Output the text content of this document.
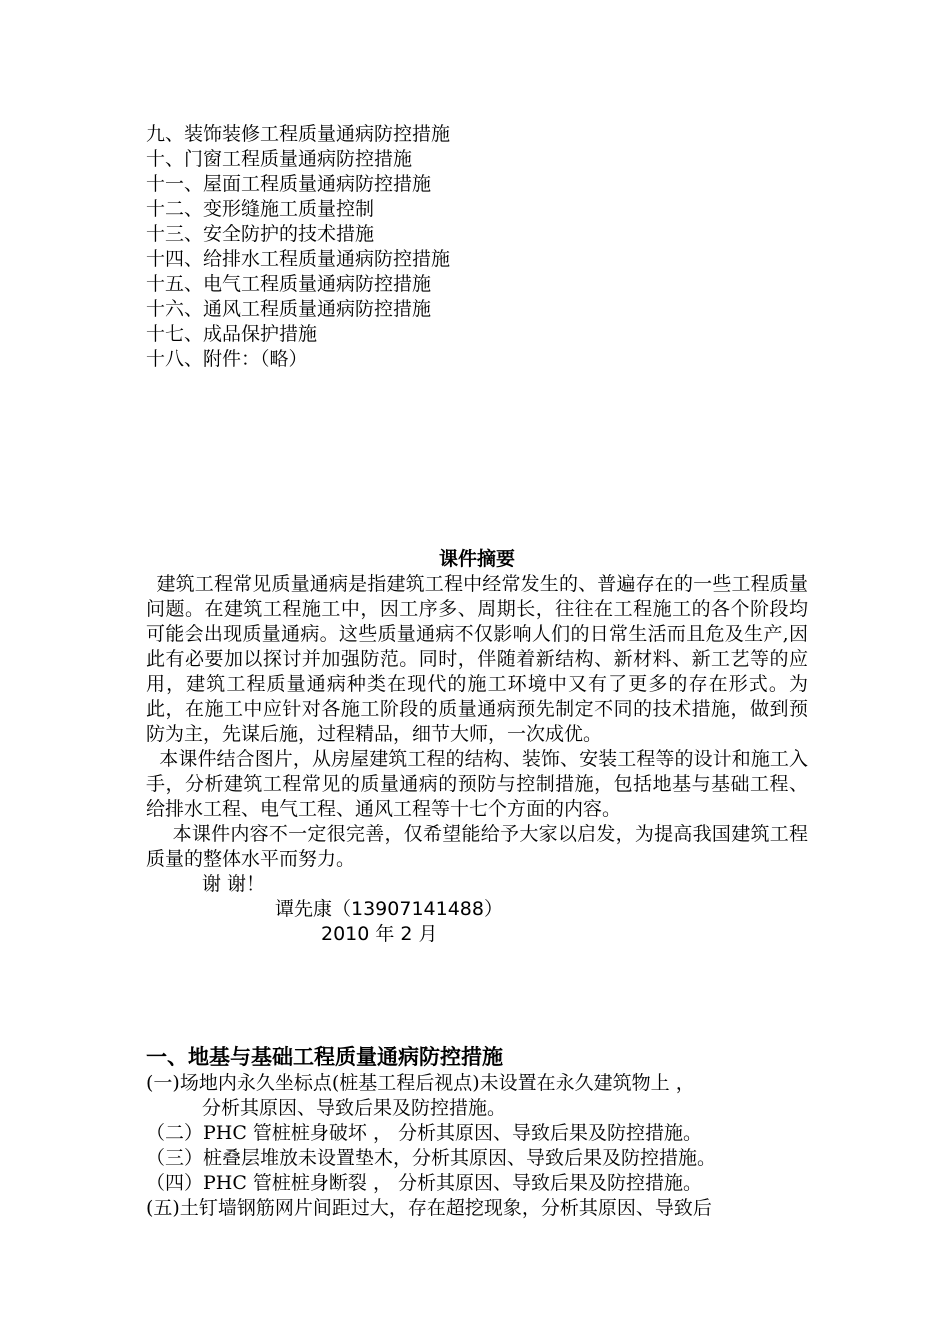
九、装饰装修工程质量通病防控措施
十、门窗工程质量通病防控措施
十一、屋面工程质量通病防控措施
十二、变形缝施工质量控制
十三、安全防护的技术措施
十四、给排水工程质量通病防控措施
十五、电气工程质量通病防控措施
十六、通风工程质量通病防控措施
十七、成品保护措施
十八、附件：（略）
课件摘要

建筑工程常见质量通病是指建筑工程中经常发生的、普遍存在的一些工程质量问题。在建筑工程施工中，因工序多、周期长，往往在工程施工的各个阶段均可能会出现质量通病。这些质量通病不仅影响人们的日常生活而且危及生产,因此有必要加以探讨并加强防范。同时，伴随着新结构、新材料、新工艺等的应用，建筑工程质量通病种类在现代的施工环境中又有了更多的存在形式。为此，在施工中应针对各施工阶段的质量通病预先制定不同的技术措施，做到预防为主，先谋后施，过程精品，细节大师，一次成优。

本课件结合图片，从房屋建筑工程的结构、装饰、安装工程等的设计和施工入手，分析建筑工程常见的质量通病的预防与控制措施，包括地基与基础工程、给排水工程、电气工程、通风工程等十七个方面的内容。

本课件内容不一定很完善，仅希望能给予大家以启发，为提高我国建筑工程质量的整体水平而努力。

谢 谢！
谭先康（13907141488）
2010 年 2 月
一、地基与基础工程质量通病防控措施
(一)场地内永久坐标点(桩基工程后视点)未设置在永久建筑物上 ，
分析其原因、导致后果及防控措施。
（二）PHC 管桩桩身破坏 ， 分析其原因、导致后果及防控措施。
（三）桩叠层堆放未设置垫木，分析其原因、导致后果及防控措施。
（四）PHC 管桩桩身断裂 ， 分析其原因、导致后果及防控措施。
(五)土钉墙钢筋网片间距过大，存在超挖现象，分析其原因、导致后
